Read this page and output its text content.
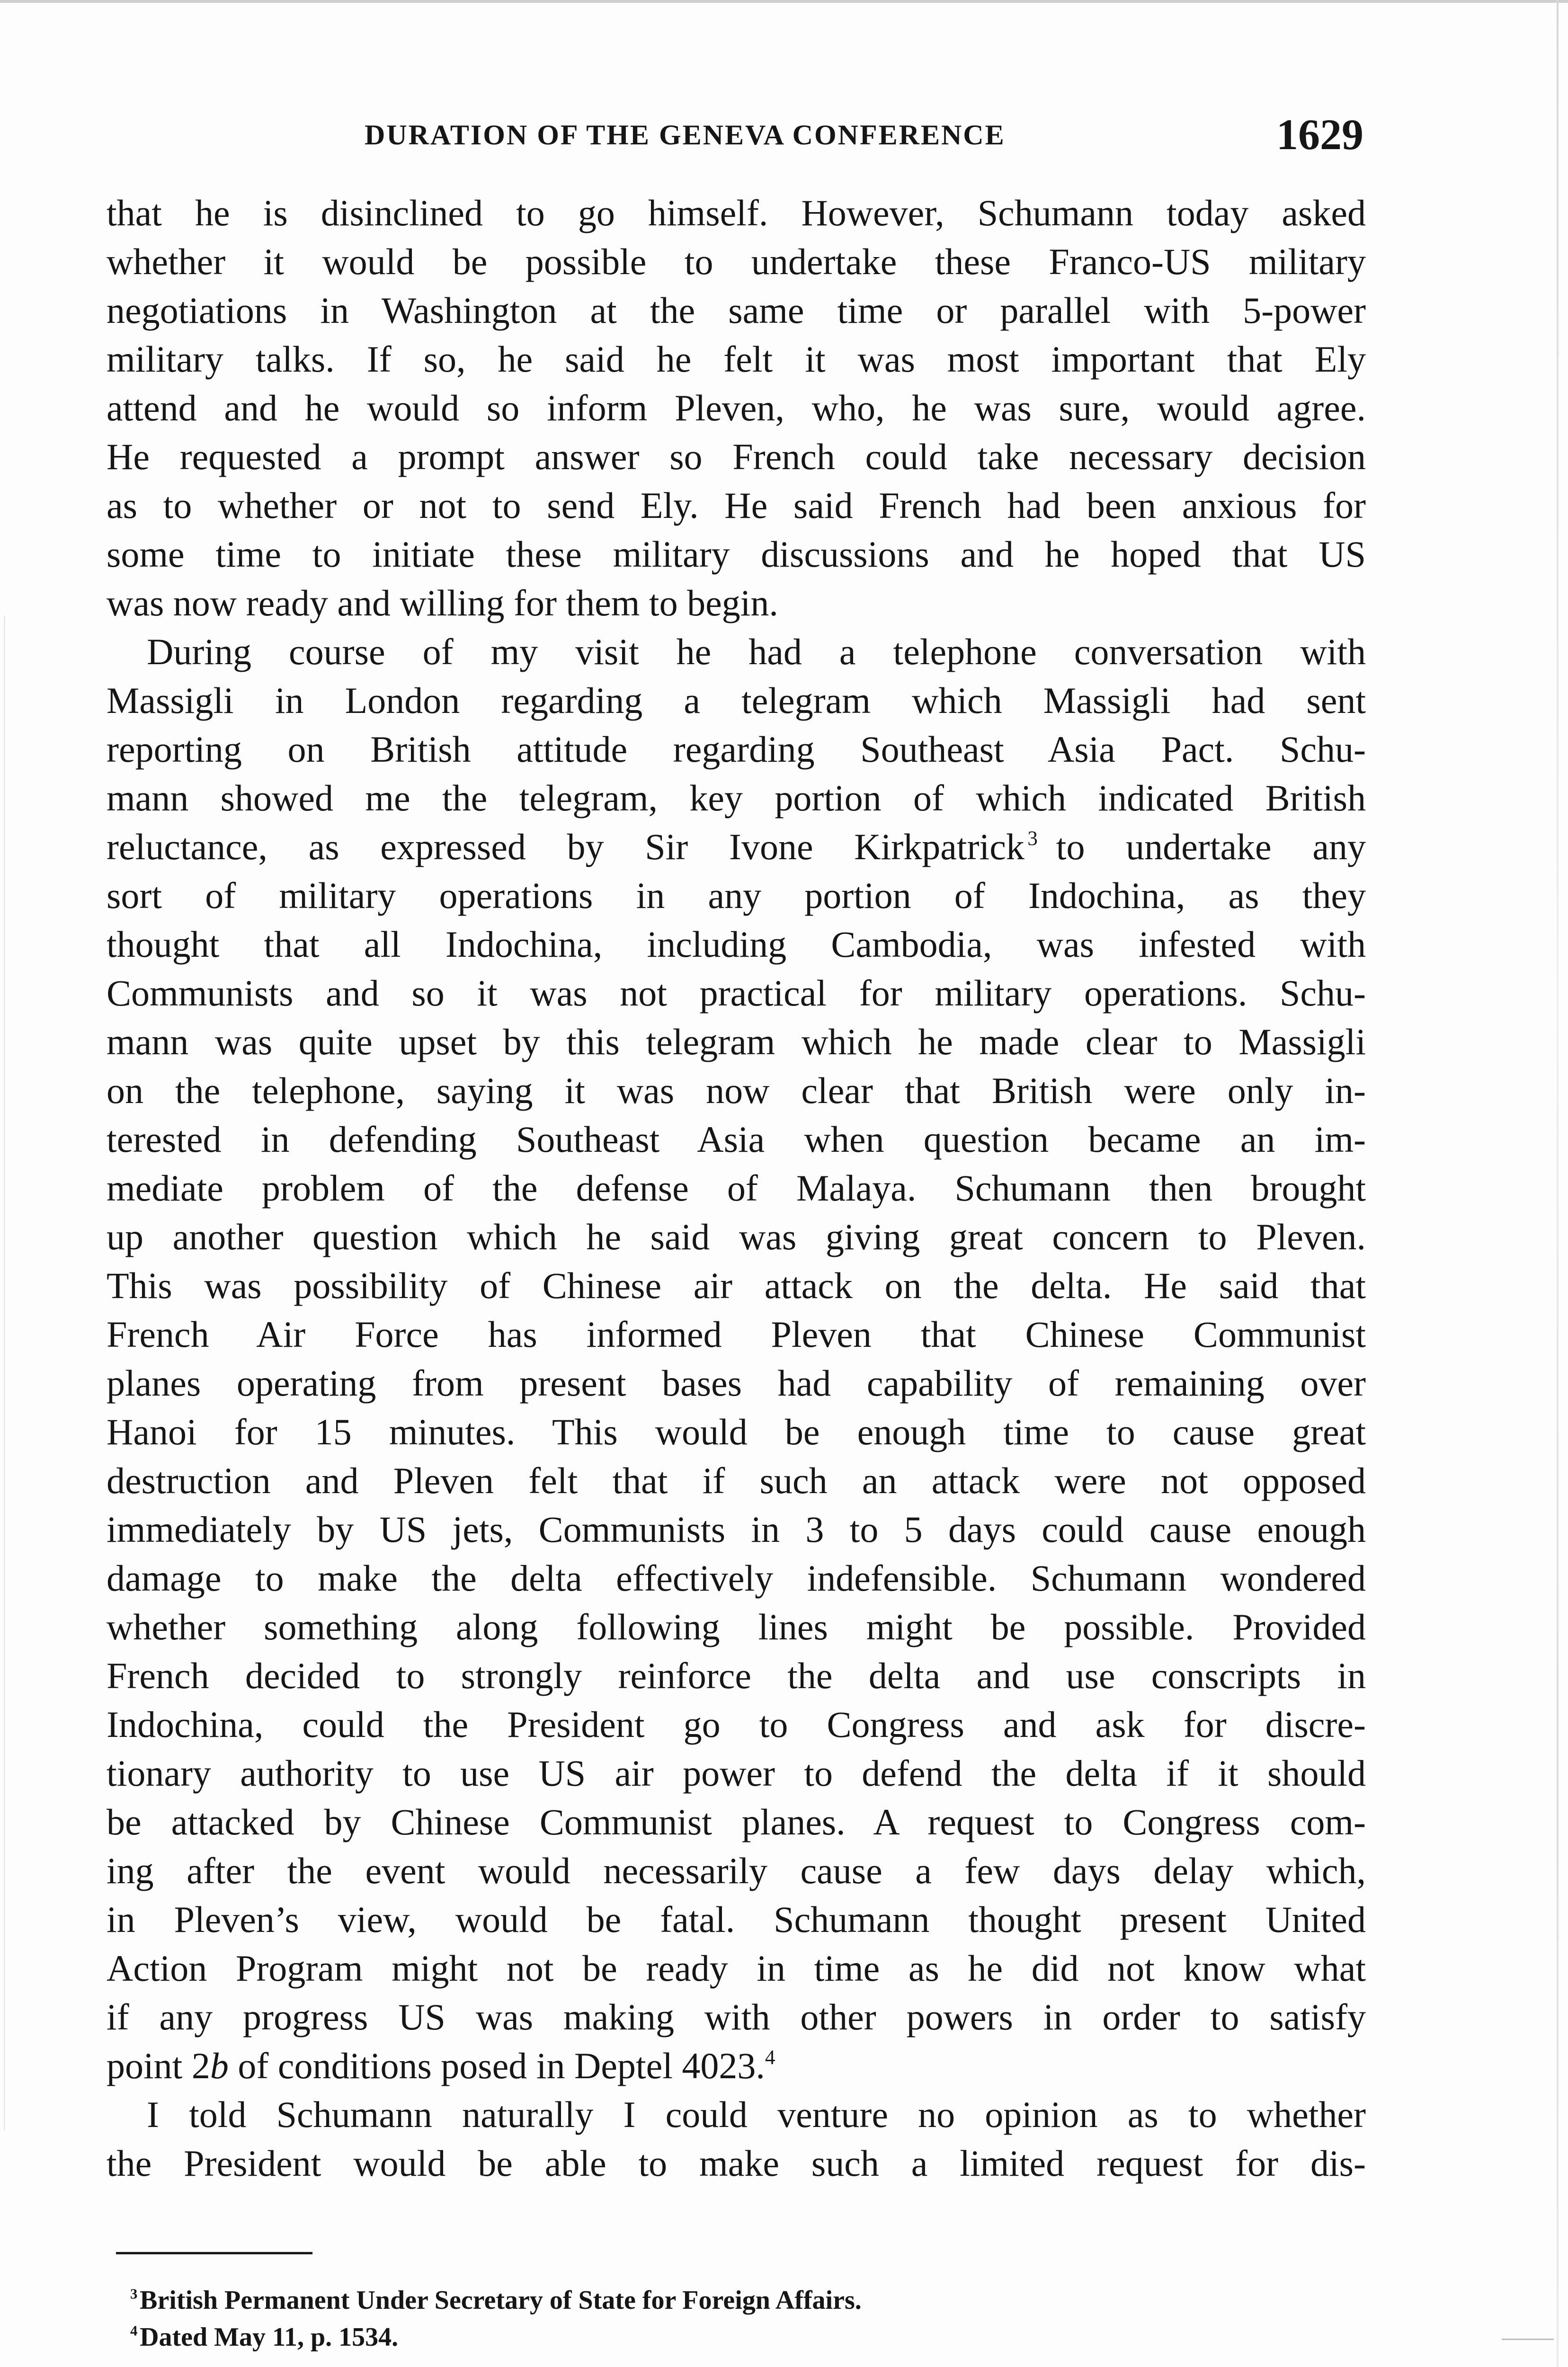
DURATION OF THE GENEVA CONFERENCE	1629
that he is disinclined to go himself. However, Schumann today asked
whether it would be possible to undertake these Franco-US military
negotiations in Washington at the same time or parallel with 5-power
military talks. If so, he said he felt it was most important that Ely
attend and he would so inform Pleven, who, he was sure, would agree.
He requested a prompt answer so French could take necessary decision
as to whether or not to send Ely. He said French had been anxious for
some time to initiate these military discussions and he hoped that US
was now ready and willing for them to begin.
During course of my visit he had a telephone conversation with
Massigli in London regarding a telegram which Massigli had sent
reporting on British attitude regarding Southeast Asia Pact. Schu-
mann showed me the telegram, key portion of which indicated British
reluctance, as expressed by Sir Ivone Kirkpatrick  $^3$  to undertake any
sort of military operations in any portion of Indochina, as they
thought that all Indochina, including Cambodia, was infested with
Communists and so it was not practical for military operations. Schu-
mann was quite upset by this telegram which he made clear to Massigli
on the telephone, saying it was now clear that British were only in-
terested in defending Southeast Asia when question became an im-
mediate problem of the defense of Malaya. Schumann then brought
up another question which he said was giving great concern to Pleven.
This was possibility of Chinese air attack on the delta. He said that
French Air Force has informed Pleven that Chinese Communist
planes operating from present bases had capability of remaining over
Hanoi for 15 minutes. This would be enough time to cause great
destruction and Pleven felt that if such an attack were not opposed
immediately by US jets, Communists in 3 to 5 days could cause enough
damage to make the delta effectively indefensible. Schumann wondered
whether something along following lines might be possible. Provided
French decided to strongly reinforce the delta and use conscripts in
Indochina, could the President go to Congress and ask for discre-
tionary authority to use US air power to defend the delta if it should
be attacked by Chinese Communist planes. A request to Congress com-
ing after the event would necessarily cause a few days delay which,
in Pleven’s view, would be fatal. Schumann thought present United
Action Program might not be ready in time as he did not know what
if any progress US was making with other powers in order to satisfy
point 2b of conditions posed in Deptel 4023.$^4$
I told Schumann naturally I could venture no opinion as to whether
the President would be able to make such a limited request for dis-
$^3$ British Permanent Under Secretary of State for Foreign Affairs.
$^4$ Dated May 11, p. 1534.
